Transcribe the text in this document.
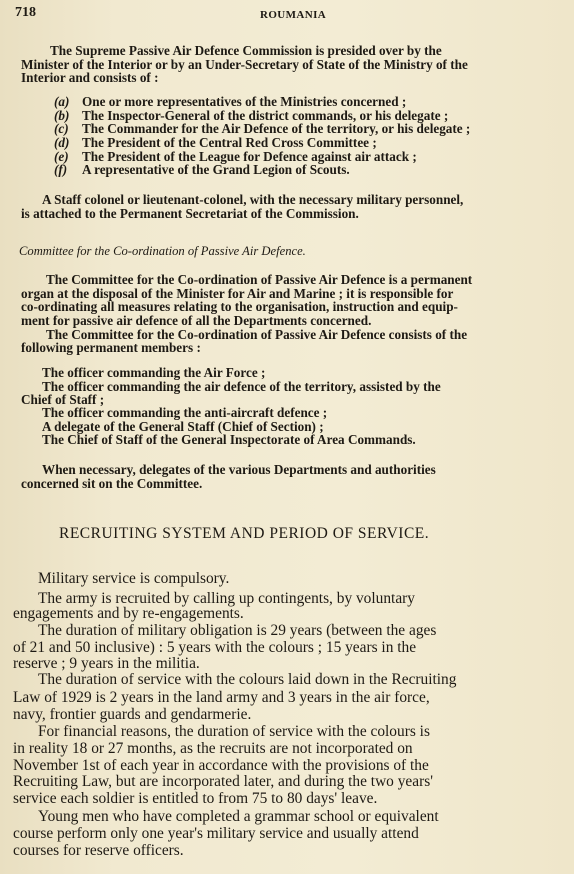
718	ROUMANIA
The Supreme Passive Air Defence Commission is presided over by the
Minister of the Interior or by an Under-Secretary of State of the Ministry of the
Interior and consists of :
(a) One or more representatives of the Ministries concerned ;
(b) The Inspector-General of the district commands, or his delegate ;
(c) The Commander for the Air Defence of the territory, or his delegate ;
(d) The President of the Central Red Cross Committee ;
(e) The President of the League for Defence against air attack ;
(f) A representative of the Grand Legion of Scouts.
A Staff colonel or lieutenant-colonel, with the necessary military personnel,
is attached to the Permanent Secretariat of the Commission.
Committee for the Co-ordination of Passive Air Defence.
The Committee for the Co-ordination of Passive Air Defence is a permanent
organ at the disposal of the Minister for Air and Marine ; it is responsible for
co-ordinating all measures relating to the organisation, instruction and equip-
ment for passive air defence of all the Departments concerned.
The Committee for the Co-ordination of Passive Air Defence consists of the
following permanent members :
The officer commanding the Air Force ;
The officer commanding the air defence of the territory, assisted by the
Chief of Staff ;
The officer commanding the anti-aircraft defence ;
A delegate of the General Staff (Chief of Section) ;
The Chief of Staff of the General Inspectorate of Area Commands.
When necessary, delegates of the various Departments and authorities
concerned sit on the Committee.
RECRUITING SYSTEM AND PERIOD OF SERVICE.
Military service is compulsory.
The army is recruited by calling up contingents, by voluntary
engagements and by re-engagements.
The duration of military obligation is 29 years (between the ages
of 21 and 50 inclusive) : 5 years with the colours ; 15 years in the
reserve ; 9 years in the militia.
The duration of service with the colours laid down in the Recruiting
Law of 1929 is 2 years in the land army and 3 years in the air force,
navy, frontier guards and gendarmerie.
For financial reasons, the duration of service with the colours is
in reality 18 or 27 months, as the recruits are not incorporated on
November 1st of each year in accordance with the provisions of the
Recruiting Law, but are incorporated later, and during the two years'
service each soldier is entitled to from 75 to 80 days' leave.
Young men who have completed a grammar school or equivalent
course perform only one year's military service and usually attend
courses for reserve officers.
